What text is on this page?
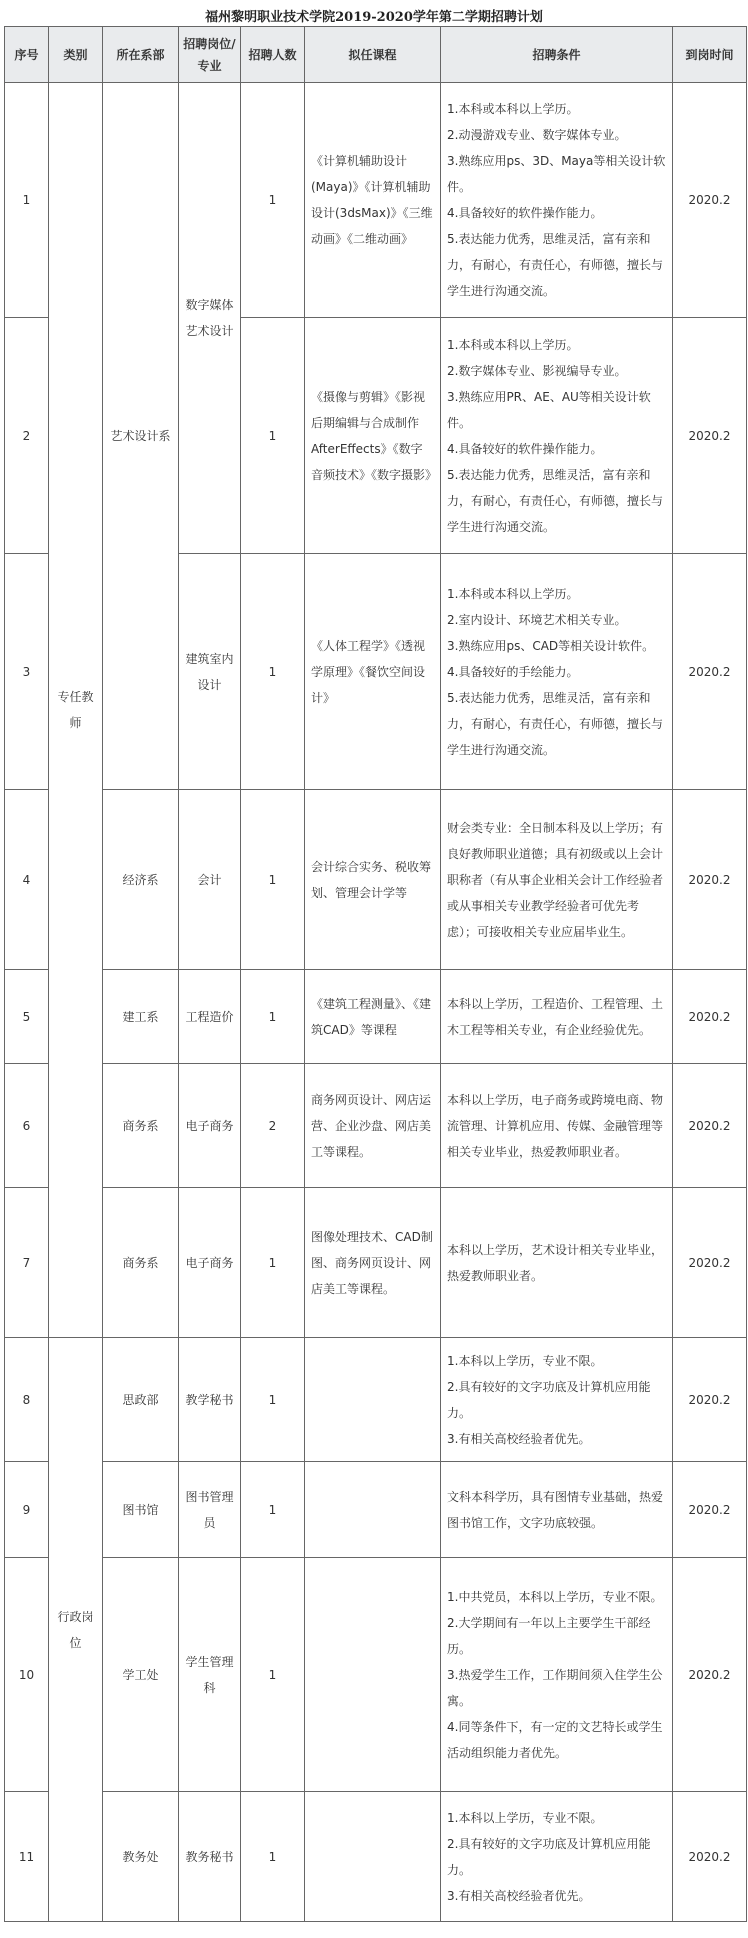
福州黎明职业技术学院2019-2020学年第二学期招聘计划
序号	类别	所在系部	招聘岗位/专业	招聘人数	拟任课程	招聘条件	到岗时间
1	专任教师	艺术设计系	数字媒体艺术设计	1	《计算机辅助设计(Maya)》《计算机辅助设计(3dsMax)》《三维动画》《二维动画》	1.本科或本科以上学历。
2.动漫游戏专业、数字媒体专业。
3.熟练应用ps、3D、Maya等相关设计软件。
4.具备较好的软件操作能力。
5.表达能力优秀，思维灵活，富有亲和力，有耐心，有责任心，有师德，擅长与学生进行沟通交流。	2020.2
2				1	《摄像与剪辑》《影视后期编辑与合成制作AfterEffects》《数字音频技术》《数字摄影》	1.本科或本科以上学历。
2.数字媒体专业、影视编导专业。
3.熟练应用PR、AE、AU等相关设计软件。
4.具备较好的软件操作能力。
5.表达能力优秀，思维灵活，富有亲和力，有耐心，有责任心，有师德，擅长与学生进行沟通交流。	2020.2
3			建筑室内设计	1	《人体工程学》《透视学原理》《餐饮空间设计》	1.本科或本科以上学历。
2.室内设计、环境艺术相关专业。
3.熟练应用ps、CAD等相关设计软件。
4.具备较好的手绘能力。
5.表达能力优秀，思维灵活，富有亲和力，有耐心，有责任心，有师德，擅长与学生进行沟通交流。	2020.2
4		经济系	会计	1	会计综合实务、税收筹划、管理会计学等	财会类专业：全日制本科及以上学历；有良好教师职业道德；具有初级或以上会计职称者（有从事企业相关会计工作经验者或从事相关专业教学经验者可优先考虑）；可接收相关专业应届毕业生。	2020.2
5		建工系	工程造价	1	《建筑工程测量》、《建筑CAD》等课程	本科以上学历，工程造价、工程管理、土木工程等相关专业，有企业经验优先。	2020.2
6		商务系	电子商务	2	商务网页设计、网店运营、企业沙盘、网店美工等课程。	本科以上学历，电子商务或跨境电商、物流管理、计算机应用、传媒、金融管理等相关专业毕业，热爱教师职业者。	2020.2
7		商务系	电子商务	1	图像处理技术、CAD制图、商务网页设计、网店美工等课程。	本科以上学历，艺术设计相关专业毕业，热爱教师职业者。	2020.2
8	行政岗位	思政部	教学秘书	1		1.本科以上学历，专业不限。
2.具有较好的文字功底及计算机应用能力。
3.有相关高校经验者优先。	2020.2
9		图书馆	图书管理员	1		文科本科学历，具有图情专业基础，热爱图书馆工作，文字功底较强。	2020.2
10		学工处	学生管理科	1		1.中共党员，本科以上学历，专业不限。
2.大学期间有一年以上主要学生干部经历。
3.热爱学生工作，工作期间须入住学生公寓。
4.同等条件下，有一定的文艺特长或学生活动组织能力者优先。	2020.2
11		教务处	教务秘书	1		1.本科以上学历，专业不限。
2.具有较好的文字功底及计算机应用能力。
3.有相关高校经验者优先。	2020.2
